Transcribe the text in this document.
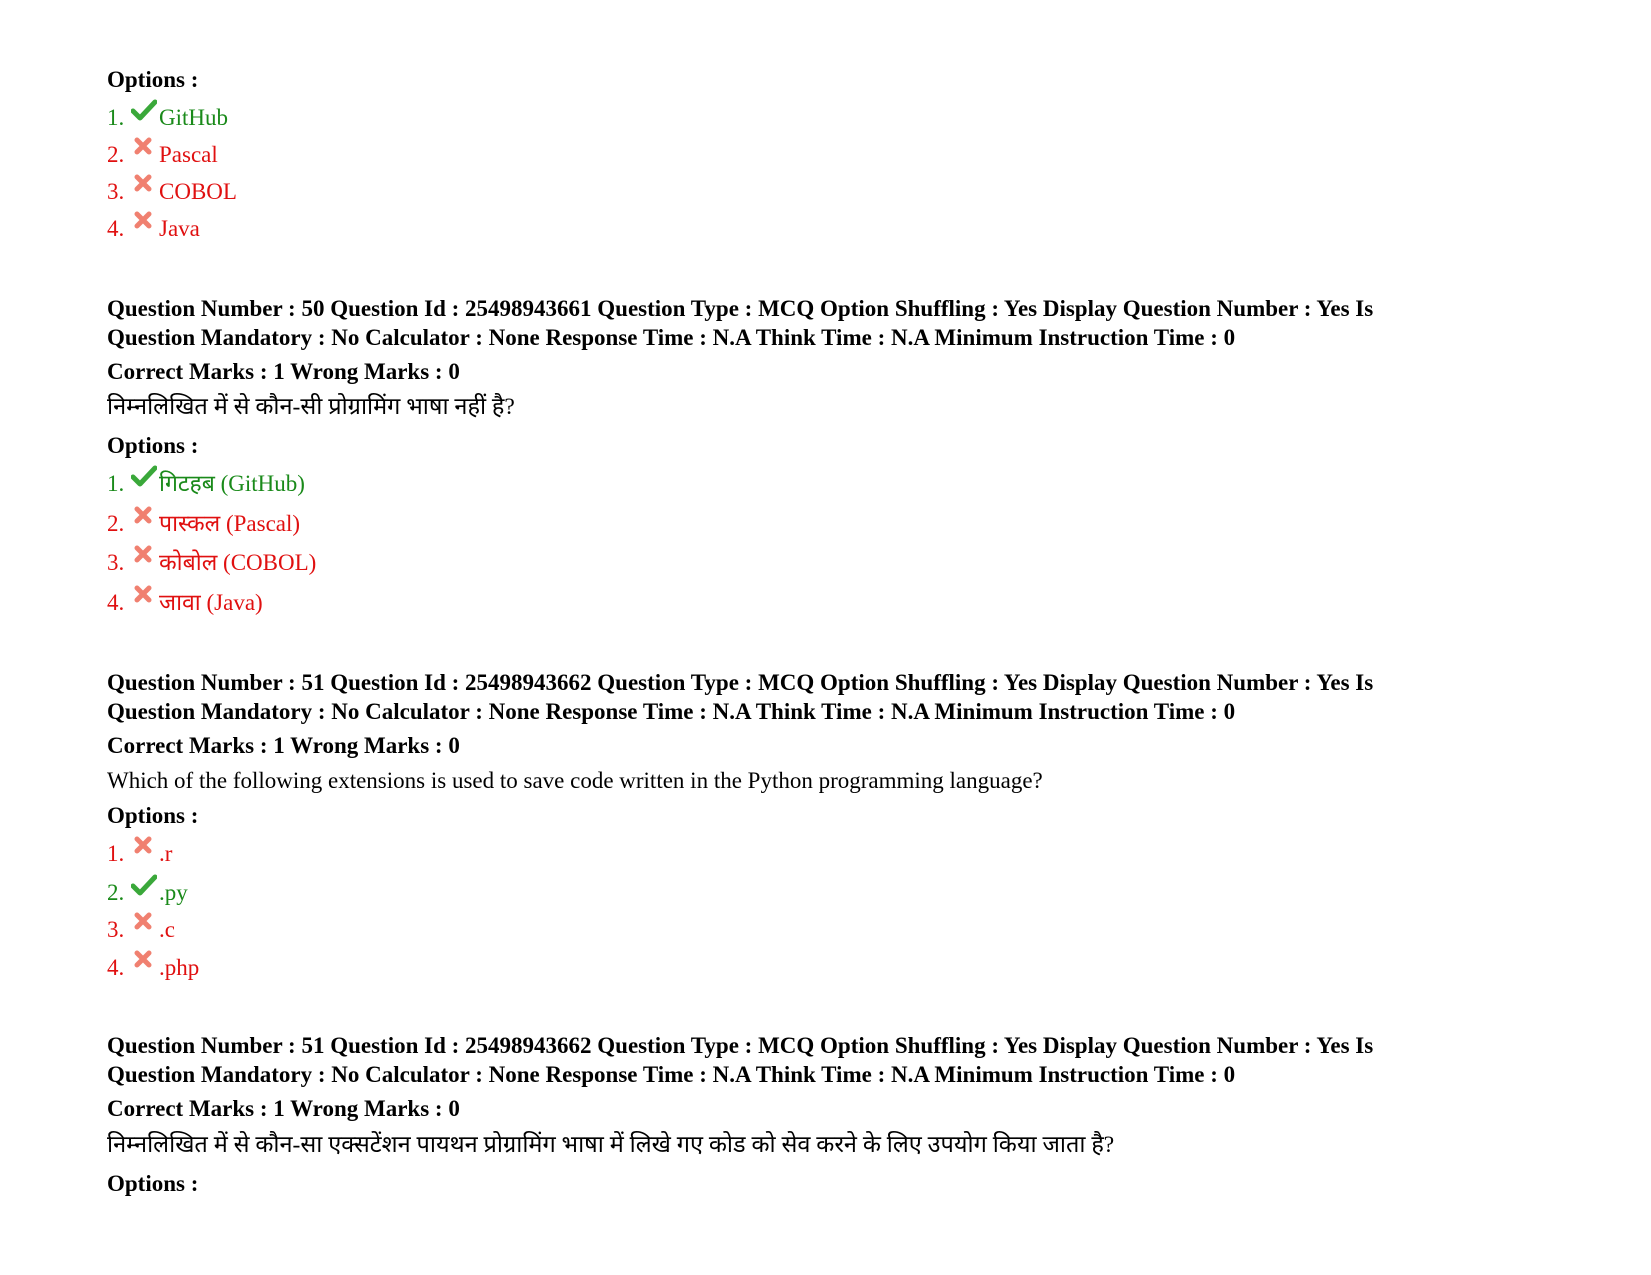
Options :
1. GitHub
2. Pascal
3. COBOL
4. Java
Question Number : 50 Question Id : 25498943661 Question Type : MCQ Option Shuffling : Yes Display Question Number : Yes Is
Question Mandatory : No Calculator : None Response Time : N.A Think Time : N.A Minimum Instruction Time : 0
Correct Marks : 1 Wrong Marks : 0
निम्नलिखित में से कौन-सी प्रोग्रामिंग भाषा नहीं है?
Options :
1. गिटहब (GitHub)
2. पास्कल (Pascal)
3. कोबोल (COBOL)
4. जावा (Java)
Question Number : 51 Question Id : 25498943662 Question Type : MCQ Option Shuffling : Yes Display Question Number : Yes Is
Question Mandatory : No Calculator : None Response Time : N.A Think Time : N.A Minimum Instruction Time : 0
Correct Marks : 1 Wrong Marks : 0
Which of the following extensions is used to save code written in the Python programming language?
Options :
1. .r
2. .py
3. .c
4. .php
Question Number : 51 Question Id : 25498943662 Question Type : MCQ Option Shuffling : Yes Display Question Number : Yes Is
Question Mandatory : No Calculator : None Response Time : N.A Think Time : N.A Minimum Instruction Time : 0
Correct Marks : 1 Wrong Marks : 0
निम्नलिखित में से कौन-सा एक्सटेंशन पायथन प्रोग्रामिंग भाषा में लिखे गए कोड को सेव करने के लिए उपयोग किया जाता है?
Options :
